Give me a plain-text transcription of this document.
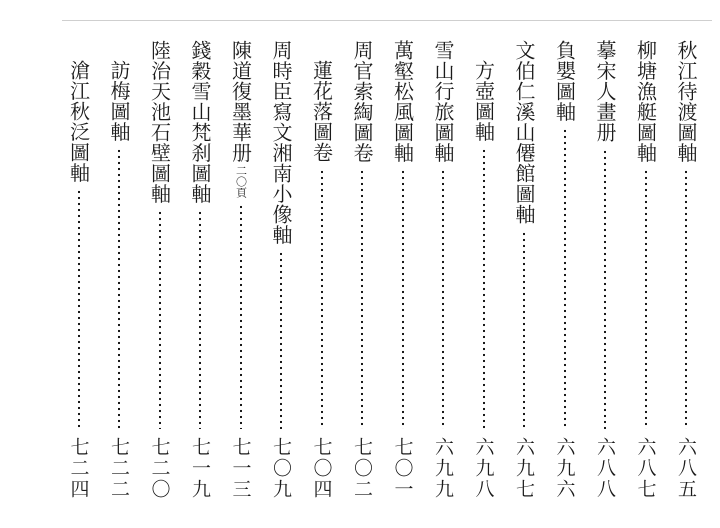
秋江待渡圖軸
六八五
柳塘漁艇圖軸
六八七
摹宋人畫册
六八八
負嬰圖軸
六九六
文伯仁溪山僊館圖軸
六九七
方壺圖軸
六九八
雪山行旅圖軸
六九九
萬壑松風圖軸
七〇一
周官索綯圖卷
七〇二
蓮花落圖卷
七〇四
周時臣寫文湘南小像軸
七〇九
陳道復墨華册
二〇頁
七一三
錢穀雪山梵刹圖軸
七一九
陸治天池石壁圖軸
七二〇
訪梅圖軸
七二二
滄江秋泛圖軸
七二四
